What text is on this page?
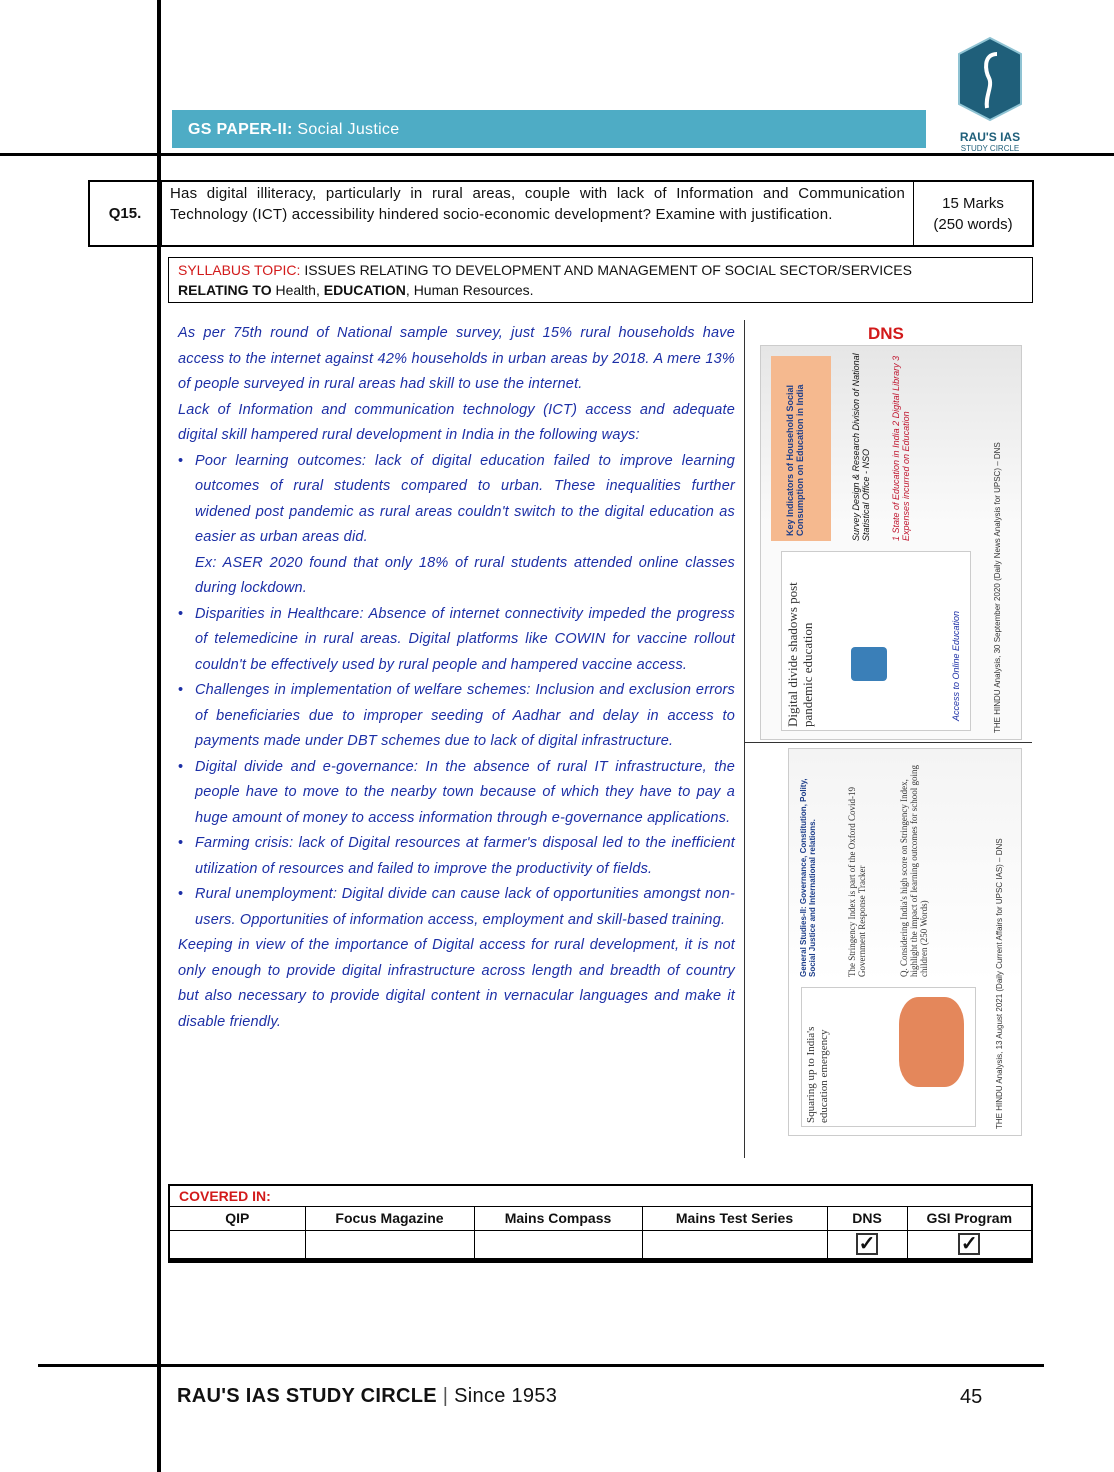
GS PAPER-II: Social Justice	RAU'S IAS
STUDY CIRCLE
Q15.
Has digital illiteracy, particularly in rural areas, couple with lack of Information and Communication Technology (ICT) accessibility hindered socio-economic development? Examine with justification.
15 Marks
(250 words)
SYLLABUS TOPIC: ISSUES RELATING TO DEVELOPMENT AND MANAGEMENT OF SOCIAL SECTOR/SERVICES
RELATING TO Health, EDUCATION, Human Resources.

As per 75th round of National sample survey, just 15% rural households have access to the internet against 42% households in urban areas by 2018. A mere 13% of people surveyed in rural areas had skill to use the internet.

Lack of Information and communication technology (ICT) access and adequate digital skill hampered rural development in India in the following ways:

• Poor learning outcomes: lack of digital education failed to improve learning outcomes of rural students compared to urban. These inequalities further widened post pandemic as rural areas couldn't switch to the digital education as easier as urban areas did.

Ex: ASER 2020 found that only 18% of rural students attended online classes during lockdown.

• Disparities in Healthcare: Absence of internet connectivity impeded the progress of telemedicine in rural areas. Digital platforms like COWIN for vaccine rollout couldn't be effectively used by rural people and hampered vaccine access.
• Challenges in implementation of welfare schemes: Inclusion and exclusion errors of beneficiaries due to improper seeding of Aadhar and delay in access to payments made under DBT schemes due to lack of digital infrastructure.
• Digital divide and e-governance: In the absence of rural IT infrastructure, the people have to move to the nearby town because of which they have to pay a huge amount of money to access information through e-governance applications.
• Farming crisis: lack of Digital resources at farmer's disposal led to the inefficient utilization of resources and failed to improve the productivity of fields.
• Rural unemployment: Digital divide can cause lack of opportunities amongst non-users. Opportunities of information access, employment and skill-based training.

Keeping in view of the importance of Digital access for rural development, it is not only enough to provide digital infrastructure across length and breadth of country but also necessary to provide digital content in vernacular languages and make it disable friendly.

DNS
Digital divide shadows post pandemic education
Key Indicators of Household Social Consumption on Education in India	Survey Design & Research Division of National Statistical Office - NSO 1 State of Education in India 2 Digital Library 3 Expenses incurred on Education
Access to Online Education	THE HINDU Analysis, 30 September 2020 (Daily News Analysis for UPSC) – DNS
Squaring up to India's education emergency
General Studies-II: Governance, Constitution, Polity, Social Justice and International relations.	The Stringency Index is part of the Oxford Covid-19 Government Response Tracker	Q. Considering India's high score on Stringency Index, highlight the impact of learning outcomes for school going children (250 Words)	THE HINDU Analysis, 13 August 2021 (Daily Current Affairs for UPSC IAS) – DNS
COVERED IN:
QIP	Focus Magazine	Mains Compass	Mains Test Series	DNS	GSI Program
				✓	✓
RAU'S IAS STUDY CIRCLE | Since 1953	45
